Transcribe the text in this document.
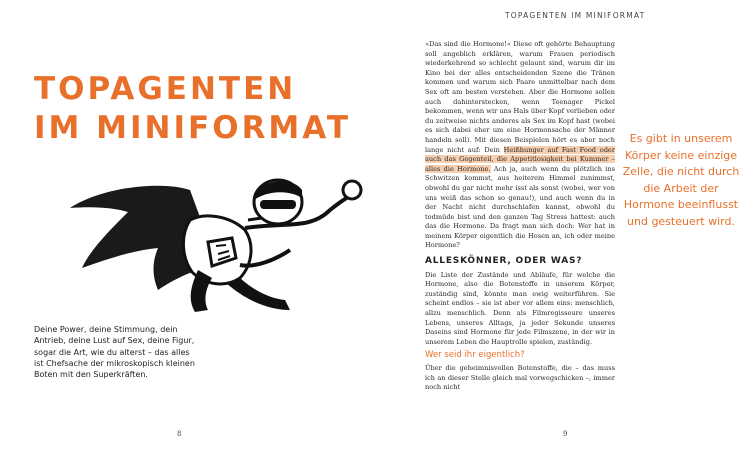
TOPAGENTEN
IM MINIFORMAT

Deine Power, deine Stimmung, dein Antrieb, deine Lust auf Sex, deine Figur, sogar die Art, wie du alterst – das alles ist Chefsache der mikroskopisch kleinen Boten mit den Superkräften.

8
TOPAGENTEN IM MINIFORMAT

»Das sind die Hormone!« Diese oft gehörte Behauptung soll angeblich erklären, warum Frauen periodisch wiederkehrend so schlecht gelaunt sind, warum dir im Kino bei der alles entscheidenden Szene die Tränen kommen und warum sich Paare unmittelbar nach dem Sex oft am besten verstehen. Aber die Hormone sollen auch dahinterstecken, wenn Teenager Pickel bekommen, wenn wir uns Hals über Kopf verlieben oder du zeitweise nichts anderes als Sex im Kopf hast (wobei es sich dabei eher um eine Hormonsache der Männer handeln soll). Mit diesen Beispielen hört es aber noch lange nicht auf: Dein Heißhunger auf Fast Food oder auch das Gegenteil, die Appetitlosigkeit bei Kummer – alles die Hormone. Ach ja, auch wenn du plötzlich ins Schwitzen kommst, aus heiterem Himmel zunimmst, obwohl du gar nicht mehr isst als sonst (wobei, wer von uns weiß das schon so genau!), und auch wenn du in der Nacht nicht durchschlafen kannst, obwohl du todmüde bist und den ganzen Tag Stress hattest: auch das die Hormone. Da fragt man sich doch: Wer hat in meinem Körper eigentlich die Hosen an, ich oder meine Hormone?

ALLESKÖNNER, ODER WAS?

Die Liste der Zustände und Abläufe, für welche die Hormone, also die Botenstoffe in unserem Körper, zuständig sind, könnte man ewig weiterführen. Sie scheint endlos – sie ist aber vor allem eins: menschlich, allzu menschlich. Denn als Filmregisseure unseres Lebens, unseres Alltags, ja jeder Sekunde unseres Daseins sind Hormone für jede Filmszene, in der wir in unserem Leben die Hauptrolle spielen, zuständig.

Wer seid ihr eigentlich?

Über die geheimnisvollen Botenstoffe, die – das muss ich an dieser Stelle gleich mal vorwegschicken –, immer noch nicht

Es gibt in unserem Körper keine einzige Zelle, die nicht durch die Arbeit der Hormone beeinflusst und gesteuert wird.

9
